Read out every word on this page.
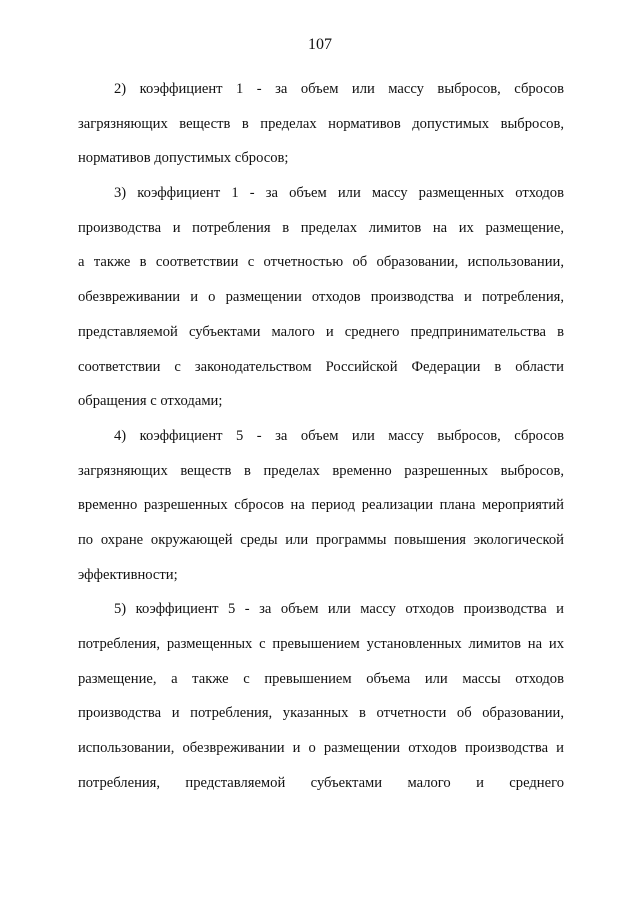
107
2) коэффициент 1 - за объем или массу выбросов, сбросов
загрязняющих веществ в пределах нормативов допустимых выбросов,
нормативов допустимых сбросов;
3) коэффициент 1 - за объем или массу размещенных отходов
производства и потребления в пределах лимитов на их размещение,
а также в соответствии с отчетностью об образовании, использовании,
обезвреживании и о размещении отходов производства и потребления,
представляемой субъектами малого и среднего предпринимательства в
соответствии с законодательством Российской Федерации в области
обращения с отходами;
4) коэффициент 5 - за объем или массу выбросов, сбросов
загрязняющих веществ в пределах временно разрешенных выбросов,
временно разрешенных сбросов на период реализации плана мероприятий
по охране окружающей среды или программы повышения экологической
эффективности;
5) коэффициент 5 - за объем или массу отходов производства и
потребления, размещенных с превышением установленных лимитов на их
размещение, а также с превышением объема или массы отходов
производства и потребления, указанных в отчетности об образовании,
использовании, обезвреживании и о размещении отходов производства и
потребления, представляемой субъектами малого и среднего
